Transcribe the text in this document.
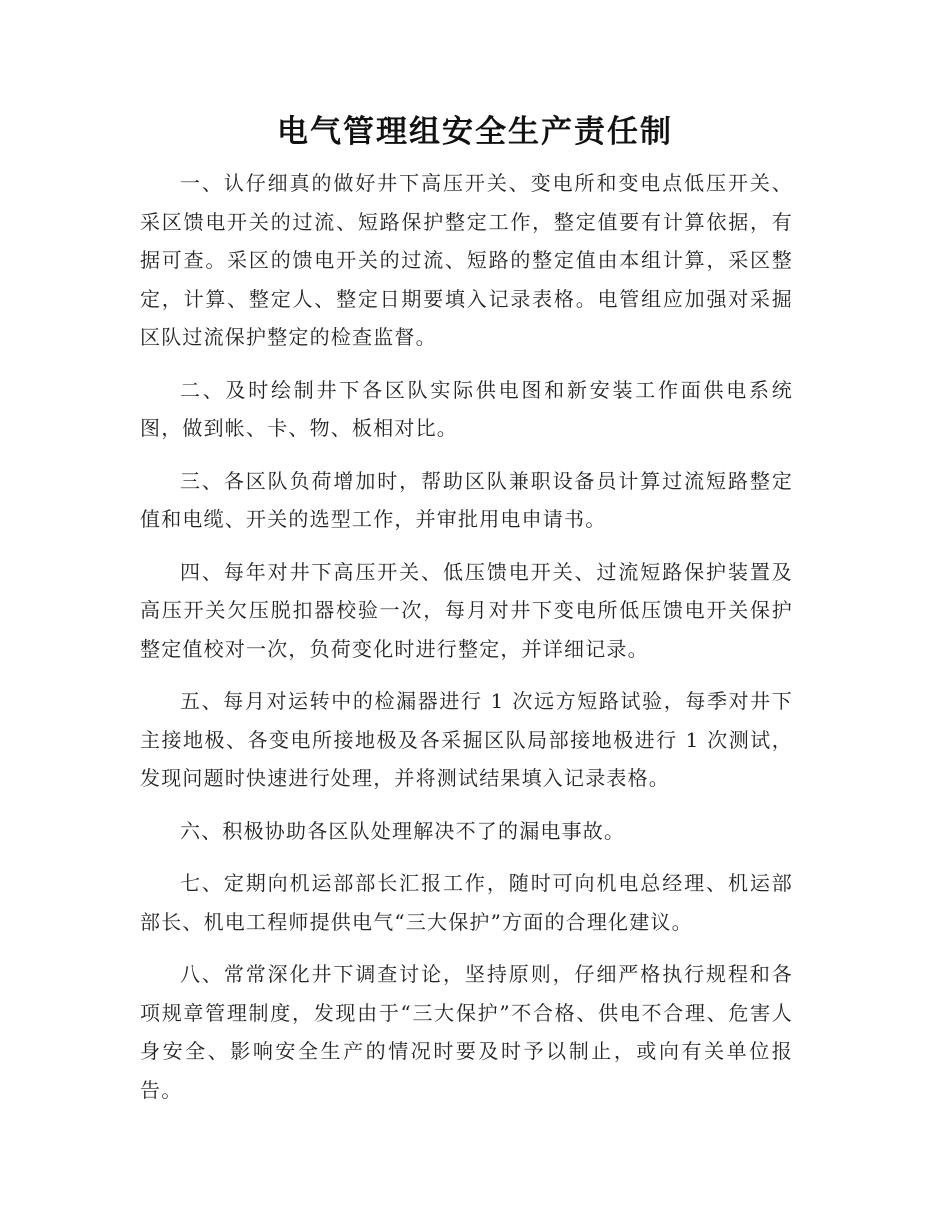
电气管理组安全生产责任制

一、认仔细真的做好井下高压开关、变电所和变电点低压开关、采区馈电开关的过流、短路保护整定工作，整定值要有计算依据，有据可查。采区的馈电开关的过流、短路的整定值由本组计算，采区整定，计算、整定人、整定日期要填入记录表格。电管组应加强对采掘区队过流保护整定的检查监督。

二、及时绘制井下各区队实际供电图和新安装工作面供电系统图，做到帐、卡、物、板相对比。

三、各区队负荷增加时，帮助区队兼职设备员计算过流短路整定值和电缆、开关的选型工作，并审批用电申请书。

四、每年对井下高压开关、低压馈电开关、过流短路保护装置及高压开关欠压脱扣器校验一次，每月对井下变电所低压馈电开关保护整定值校对一次，负荷变化时进行整定，并详细记录。

五、每月对运转中的检漏器进行 1 次远方短路试验，每季对井下主接地极、各变电所接地极及各采掘区队局部接地极进行 1 次测试，发现问题时快速进行处理，并将测试结果填入记录表格。

六、积极协助各区队处理解决不了的漏电事故。

七、定期向机运部部长汇报工作，随时可向机电总经理、机运部部长、机电工程师提供电气“三大保护”方面的合理化建议。

八、常常深化井下调查讨论，坚持原则，仔细严格执行规程和各项规章管理制度，发现由于“三大保护”不合格、供电不合理、危害人身安全、影响安全生产的情况时要及时予以制止，或向有关单位报告。
